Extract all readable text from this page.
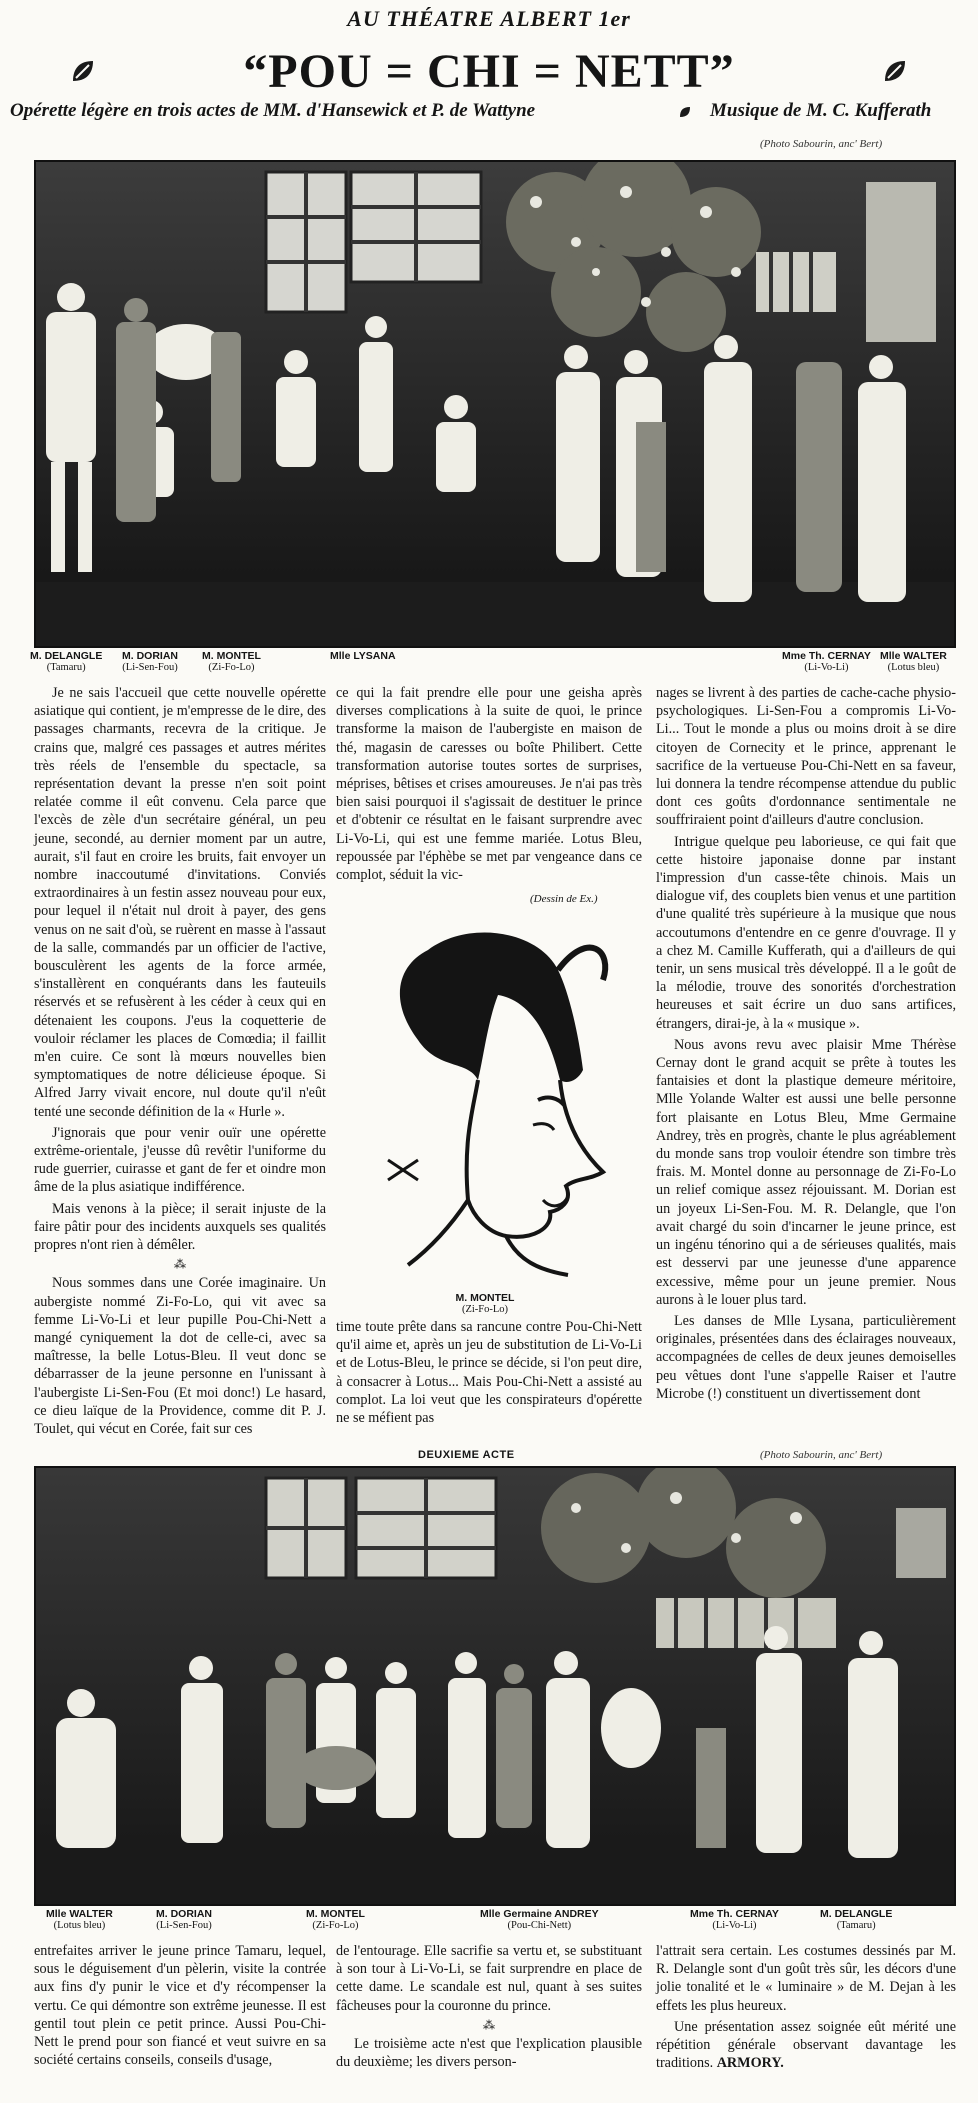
AU THÉATRE ALBERT 1er
“POU = CHI = NETT”
Opérette légère en trois actes de MM. d'Hansewick et P. de Wattyne	Musique de M. C. Kufferath
(Photo Sabourin, anc' Bert)
M. DELANGLE
(Tamaru)
M. DORIAN
(Li-Sen-Fou)
M. MONTEL
(Zi-Fo-Lo)
Mlle LYSANA	Mme Th. CERNAY
(Li-Vo-Li)
Mlle WALTER
(Lotus bleu)

Je ne sais l'accueil que cette nouvelle opérette asiatique qui contient, je m'empresse de le dire, des passages charmants, recevra de la critique. Je crains que, malgré ces passages et autres mérites très réels de l'ensemble du spectacle, sa représentation devant la presse n'en soit point relatée comme il eût convenu. Cela parce que l'excès de zèle d'un secrétaire général, un peu jeune, secondé, au dernier moment par un autre, aurait, s'il faut en croire les bruits, fait envoyer un nombre inaccoutumé d'invitations. Conviés extraordinaires à un festin assez nouveau pour eux, pour lequel il n'était nul droit à payer, des gens venus on ne sait d'où, se ruèrent en masse à l'assaut de la salle, commandés par un officier de l'active, bousculèrent les agents de la force armée, s'installèrent en conquérants dans les fauteuils réservés et se refusèrent à les céder à ceux qui en détenaient les coupons. J'eus la coquetterie de vouloir réclamer les places de Comœdia; il faillit m'en cuire. Ce sont là mœurs nouvelles bien symptomatiques de notre délicieuse époque. Si Alfred Jarry vivait encore, nul doute qu'il n'eût tenté une seconde définition de la « Hurle ».

J'ignorais que pour venir ouïr une opérette extrême-orientale, j'eusse dû revêtir l'uniforme du rude guerrier, cuirasse et gant de fer et oindre mon âme de la plus asiatique indifférence.

Mais venons à la pièce; il serait injuste de la faire pâtir pour des incidents auxquels ses qualités propres n'ont rien à démêler.

⁂

Nous sommes dans une Corée imaginaire. Un aubergiste nommé Zi-Fo-Lo, qui vit avec sa femme Li-Vo-Li et leur pupille Pou-Chi-Nett a mangé cyniquement la dot de celle-ci, avec sa maîtresse, la belle Lotus-Bleu. Il veut donc se débarrasser de la jeune personne en l'unissant à l'aubergiste Li-Sen-Fou (Et moi donc!) Le hasard, ce dieu laïque de la Providence, comme dit P. J. Toulet, qui vécut en Corée, fait sur ces

ce qui la fait prendre elle pour une geisha après diverses complications à la suite de quoi, le prince transforme la maison de l'aubergiste en maison de thé, magasin de caresses ou boîte Philibert. Cette transformation autorise toutes sortes de surprises, méprises, bêtises et crises amoureuses. Je n'ai pas très bien saisi pourquoi il s'agissait de destituer le prince et d'obtenir ce résultat en le faisant surprendre avec Li-Vo-Li, qui est une femme mariée. Lotus Bleu, repoussée par l'éphèbe se met par vengeance dans ce complot, séduit la vic-

(Dessin de Ex.)
M. MONTEL
(Zi-Fo-Lo)

time toute prête dans sa rancune contre Pou-Chi-Nett qu'il aime et, après un jeu de substitution de Li-Vo-Li et de Lotus-Bleu, le prince se décide, si l'on peut dire, à consacrer à Lotus... Mais Pou-Chi-Nett a assisté au complot. La loi veut que les conspirateurs d'opérette ne se méfient pas

nages se livrent à des parties de cache-cache physio-psychologiques. Li-Sen-Fou a compromis Li-Vo-Li... Tout le monde a plus ou moins droit à se dire citoyen de Cornecity et le prince, apprenant le sacrifice de la vertueuse Pou-Chi-Nett en sa faveur, lui donnera la tendre récompense attendue du public dont ces goûts d'ordonnance sentimentale ne souffriraient point d'ailleurs d'autre conclusion.

Intrigue quelque peu laborieuse, ce qui fait que cette histoire japonaise donne par instant l'impression d'un casse-tête chinois. Mais un dialogue vif, des couplets bien venus et une partition d'une qualité très supérieure à la musique que nous accoutumons d'entendre en ce genre d'ouvrage. Il y a chez M. Camille Kufferath, qui a d'ailleurs de qui tenir, un sens musical très développé. Il a le goût de la mélodie, trouve des sonorités d'orchestration heureuses et sait écrire un duo sans artifices, étrangers, dirai-je, à la « musique ».

Nous avons revu avec plaisir Mme Thérèse Cernay dont le grand acquit se prête à toutes les fantaisies et dont la plastique demeure méritoire, Mlle Yolande Walter est aussi une belle personne fort plaisante en Lotus Bleu, Mme Germaine Andrey, très en progrès, chante le plus agréablement du monde sans trop vouloir étendre son timbre très frais. M. Montel donne au personnage de Zi-Fo-Lo un relief comique assez réjouissant. M. Dorian est un joyeux Li-Sen-Fou. M. R. Delangle, que l'on avait chargé du soin d'incarner le jeune prince, est un ingénu ténorino qui a de sérieuses qualités, mais est desservi par une jeunesse d'une apparence excessive, même pour un jeune premier. Nous aurons à le louer plus tard.

Les danses de Mlle Lysana, particulièrement originales, présentées dans des éclairages nouveaux, accompagnées de celles de deux jeunes demoiselles peu vêtues dont l'une s'appelle Raiser et l'autre Microbe (!) constituent un divertissement dont

DEUXIEME ACTE	(Photo Sabourin, anc' Bert)
Mlle WALTER
(Lotus bleu)
M. DORIAN
(Li-Sen-Fou)
M. MONTEL
(Zi-Fo-Lo)
Mlle Germaine ANDREY
(Pou-Chi-Nett)
Mme Th. CERNAY
(Li-Vo-Li)
M. DELANGLE
(Tamaru)

entrefaites arriver le jeune prince Tamaru, lequel, sous le déguisement d'un pèlerin, visite la contrée aux fins d'y punir le vice et d'y récompenser la vertu. Ce qui démontre son extrême jeunesse. Il est gentil tout plein ce petit prince. Aussi Pou-Chi-Nett le prend pour son fiancé et veut suivre en sa société certains conseils, conseils d'usage,

de l'entourage. Elle sacrifie sa vertu et, se substituant à son tour à Li-Vo-Li, se fait surprendre en place de cette dame. Le scandale est nul, quant à ses suites fâcheuses pour la couronne du prince.

⁂

Le troisième acte n'est que l'explication plausible du deuxième; les divers person-

l'attrait sera certain. Les costumes dessinés par M. R. Delangle sont d'un goût très sûr, les décors d'une jolie tonalité et le « luminaire » de M. Dejan à les effets les plus heureux.

Une présentation assez soignée eût mérité une répétition générale observant davantage les traditions. ARMORY.
